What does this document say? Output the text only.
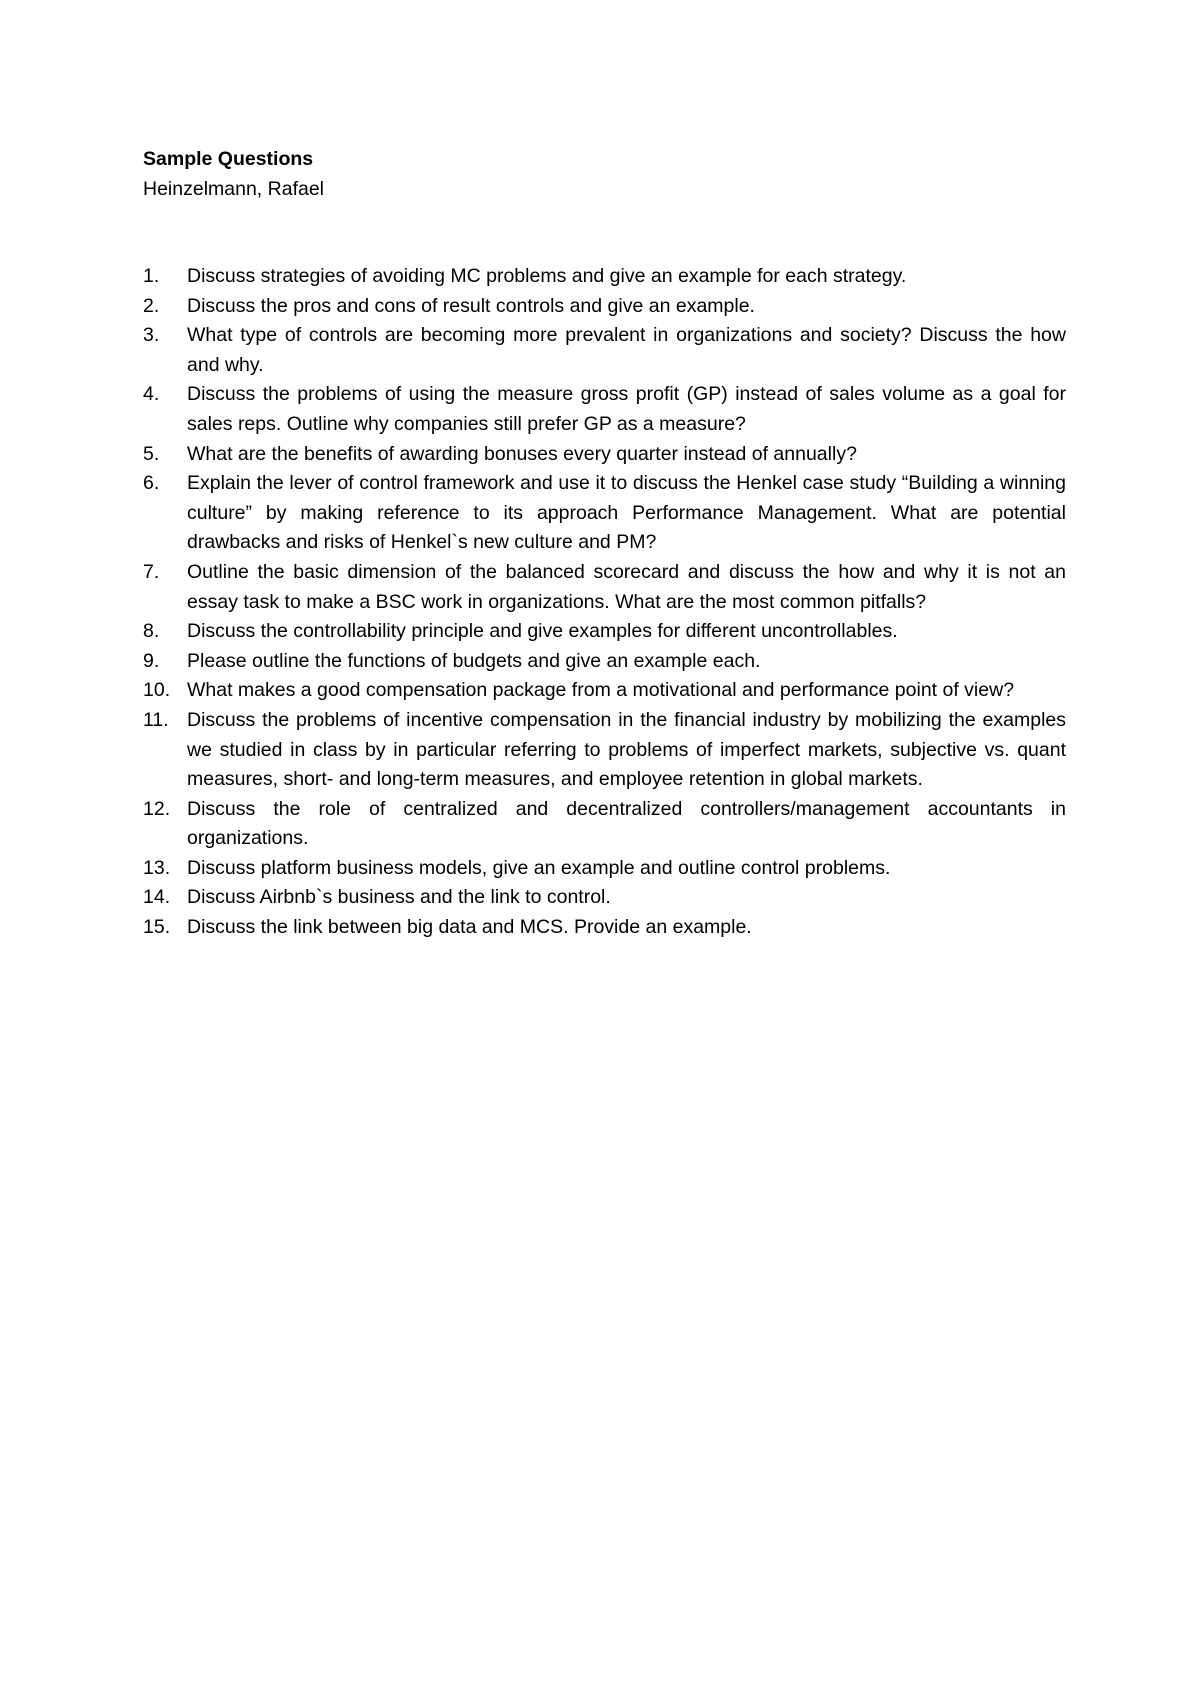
Sample Questions

Heinzelmann, Rafael

1.	Discuss strategies of avoiding MC problems and give an example for each strategy.
2.	Discuss the pros and cons of result controls and give an example.
3.	What type of controls are becoming more prevalent in organizations and society? Discuss the how and why.
4.	Discuss the problems of using the measure gross profit (GP) instead of sales volume as a goal for sales reps. Outline why companies still prefer GP as a measure?
5.	What are the benefits of awarding bonuses every quarter instead of annually?
6.	Explain the lever of control framework and use it to discuss the Henkel case study “Building a winning culture” by making reference to its approach Performance Management. What are potential drawbacks and risks of Henkel`s new culture and PM?
7.	Outline the basic dimension of the balanced scorecard and discuss the how and why it is not an essay task to make a BSC work in organizations. What are the most common pitfalls?
8.	Discuss the controllability principle and give examples for different uncontrollables.
9.	Please outline the functions of budgets and give an example each.
10. What makes a good compensation package from a motivational and performance point of view?
11. Discuss the problems of incentive compensation in the financial industry by mobilizing the examples we studied in class by in particular referring to problems of imperfect markets, subjective vs. quant measures, short- and long-term measures, and employee retention in global markets.
12. Discuss the role of centralized and decentralized controllers/management accountants in organizations.
13. Discuss platform business models, give an example and outline control problems.
14. Discuss Airbnb`s business and the link to control.
15. Discuss the link between big data and MCS. Provide an example.
